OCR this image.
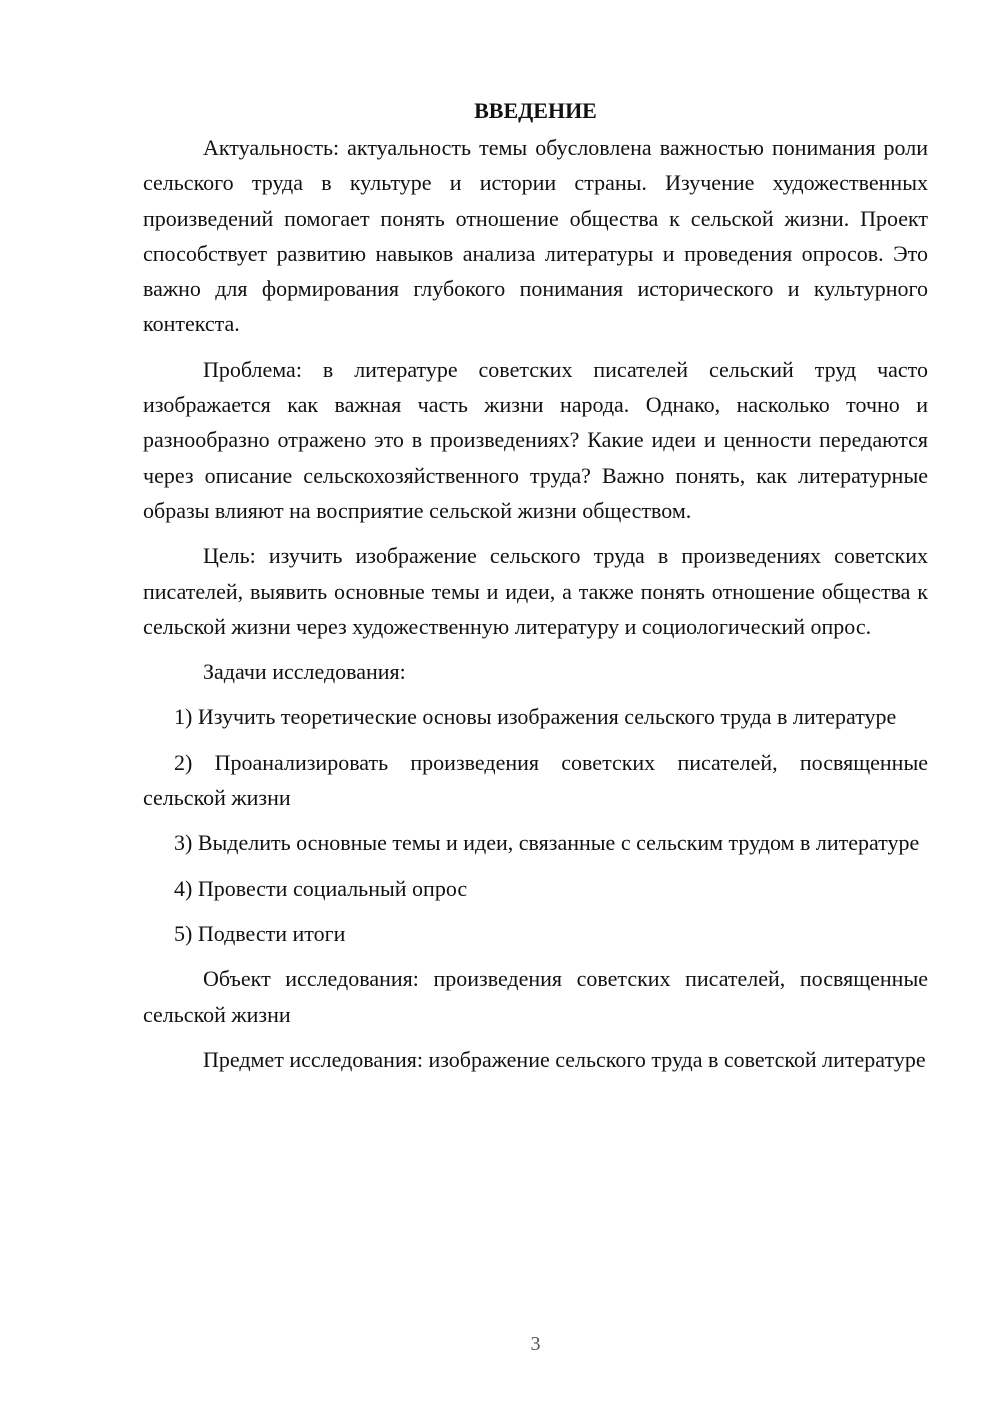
ВВЕДЕНИЕ

Актуальность: актуальность темы обусловлена важностью понимания роли сельского труда в культуре и истории страны. Изучение художественных произведений помогает понять отношение общества к сельской жизни. Проект способствует развитию навыков анализа литературы и проведения опросов. Это важно для формирования глубокого понимания исторического и культурного контекста.

Проблема: в литературе советских писателей сельский труд часто изображается как важная часть жизни народа. Однако, насколько точно и разнообразно отражено это в произведениях? Какие идеи и ценности передаются через описание сельскохозяйственного труда? Важно понять, как литературные образы влияют на восприятие сельской жизни обществом.

Цель: изучить изображение сельского труда в произведениях советских писателей, выявить основные темы и идеи, а также понять отношение общества к сельской жизни через художественную литературу и социологический опрос.

Задачи исследования:

1) Изучить теоретические основы изображения сельского труда в литературе

2) Проанализировать произведения советских писателей, посвященные сельской жизни

3) Выделить основные темы и идеи, связанные с сельским трудом в литературе

4) Провести социальный опрос

5) Подвести итоги

Объект исследования: произведения советских писателей, посвященные сельской жизни

Предмет исследования: изображение сельского труда в советской литературе

3
